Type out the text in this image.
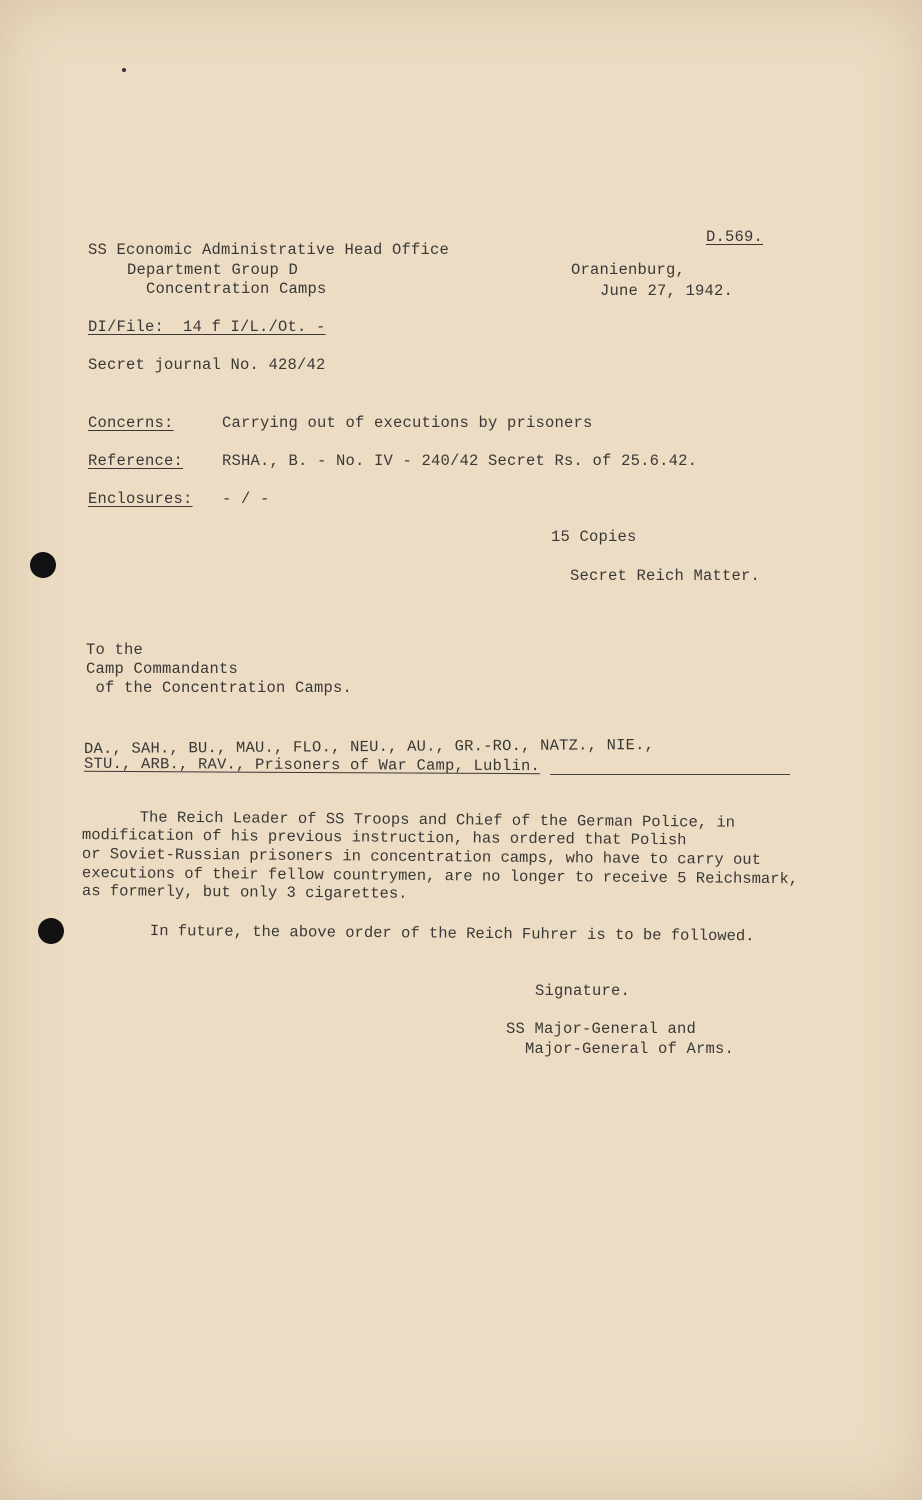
D.569.
SS Economic Administrative Head Office
Department Group D
Concentration Camps
Oranienburg,
June 27, 1942.
DI/File:  14 f I/L./Ot. -
Secret journal No. 428/42
Concerns:	Carrying out of executions by prisoners
Reference:	RSHA., B. - No. IV - 240/42 Secret Rs. of 25.6.42.
Enclosures: - / -
15 Copies
Secret Reich Matter.
To the
Camp Commandants
of the Concentration Camps.
DA., SAH., BU., MAU., FLO., NEU., AU., GR.-RO., NATZ., NIE.,
STU., ARB., RAV., Prisoners of War Camp, Lublin.
The Reich Leader of SS Troops and Chief of the German Police, in
modification of his previous instruction, has ordered that Polish
or Soviet-Russian prisoners in concentration camps, who have to carry out
executions of their fellow countrymen, are no longer to receive 5 Reichsmark,
as formerly, but only 3 cigarettes.
In future, the above order of the Reich Fuhrer is to be followed.
Signature.
SS Major-General and
Major-General of Arms.
